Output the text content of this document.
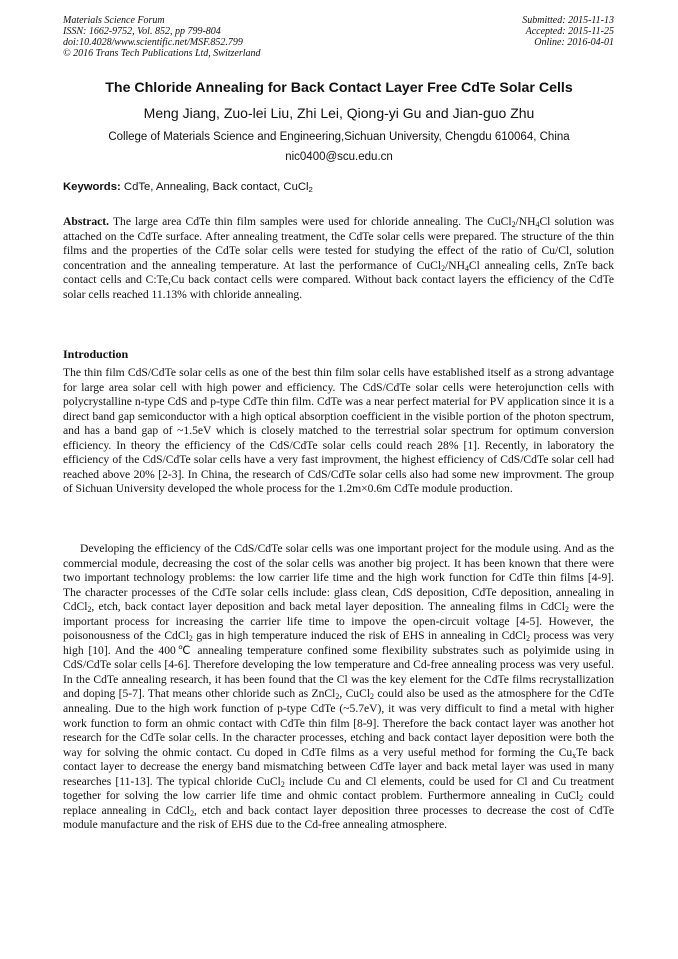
Materials Science Forum
ISSN: 1662-9752, Vol. 852, pp 799-804
doi:10.4028/www.scientific.net/MSF.852.799
© 2016 Trans Tech Publications Ltd, Switzerland
Submitted: 2015-11-13
Accepted: 2015-11-25
Online: 2016-04-01
The Chloride Annealing for Back Contact Layer Free CdTe Solar Cells
Meng Jiang, Zuo-lei Liu, Zhi Lei, Qiong-yi Gu and Jian-guo Zhu
College of Materials Science and Engineering,Sichuan University, Chengdu 610064, China
nic0400@scu.edu.cn
Keywords: CdTe, Annealing, Back contact, CuCl$_2$

Abstract. The large area CdTe thin film samples were used for chloride annealing. The $CuCl_2/NH_4Cl$ solution was attached on the CdTe surface. After annealing treatment, the CdTe solar cells were prepared. The structure of the thin films and the properties of the CdTe solar cells were tested for studying the effect of the ratio of Cu/Cl, solution concentration and the annealing temperature. At last the performance of $CuCl_2/NH_4Cl$ annealing cells, ZnTe back contact cells and C:Te,Cu back contact cells were compared. Without back contact layers the efficiency of the CdTe solar cells reached 11.13% with chloride annealing.

Introduction

The thin film CdS/CdTe solar cells as one of the best thin film solar cells have established itself as a strong advantage for large area solar cell with high power and efficiency. The CdS/CdTe solar cells were heterojunction cells with polycrystalline n-type CdS and p-type CdTe thin film. CdTe was a near perfect material for PV application since it is a direct band gap semiconductor with a high optical absorption coefficient in the visible portion of the photon spectrum, and has a band gap of ~1.5eV which is closely matched to the terrestrial solar spectrum for optimum conversion efficiency. In theory the efficiency of the CdS/CdTe solar cells could reach 28% [1]. Recently, in laboratory the efficiency of the CdS/CdTe solar cells have a very fast improvment, the highest efficiency of CdS/CdTe solar cell had reached above 20% [2-3]. In China, the research of CdS/CdTe solar cells also had some new improvment. The group of Sichuan University developed the whole process for the 1.2m×0.6m CdTe module production.

Developing the efficiency of the CdS/CdTe solar cells was one important project for the module using. And as the commercial module, decreasing the cost of the solar cells was another big project. It has been known that there were two important technology problems: the low carrier life time and the high work function for CdTe thin films [4-9]. The character processes of the CdTe solar cells include: glass clean, CdS deposition, CdTe deposition, annealing in CdCl$_2$, etch, back contact layer deposition and back metal layer deposition. The annealing films in CdCl$_2$ were the important process for increasing the carrier life time to impove the open-circuit voltage [4-5]. However, the poisonousness of the CdCl$_2$ gas in high temperature induced the risk of EHS in annealing in CdCl$_2$ process was very high [10]. And the 400℃ annealing temperature confined some flexibility substrates such as polyimide using in CdS/CdTe solar cells [4-6]. Therefore developing the low temperature and Cd-free annealing process was very useful. In the CdTe annealing research, it has been found that the Cl was the key element for the CdTe films recrystallization and doping [5-7]. That means other chloride such as ZnCl$_2$, CuCl$_2$ could also be used as the atmosphere for the CdTe annealing. Due to the high work function of p-type CdTe (~5.7eV), it was very difficult to find a metal with higher work function to form an ohmic contact with CdTe thin film [8-9]. Therefore the back contact layer was another hot research for the CdTe solar cells. In the character processes, etching and back contact layer deposition were both the way for solving the ohmic contact. Cu doped in CdTe films as a very useful method for forming the $Cu_xTe$ back contact layer to decrease the energy band mismatching between CdTe layer and back metal layer was used in many researches [11-13]. The typical chloride CuCl$_2$ include Cu and Cl elements, could be used for Cl and Cu treatment together for solving the low carrier life time and ohmic contact problem. Furthermore annealing in CuCl$_2$ could replace annealing in CdCl$_2$, etch and back contact layer deposition three processes to decrease the cost of CdTe module manufacture and the risk of EHS due to the Cd-free annealing atmosphere.
